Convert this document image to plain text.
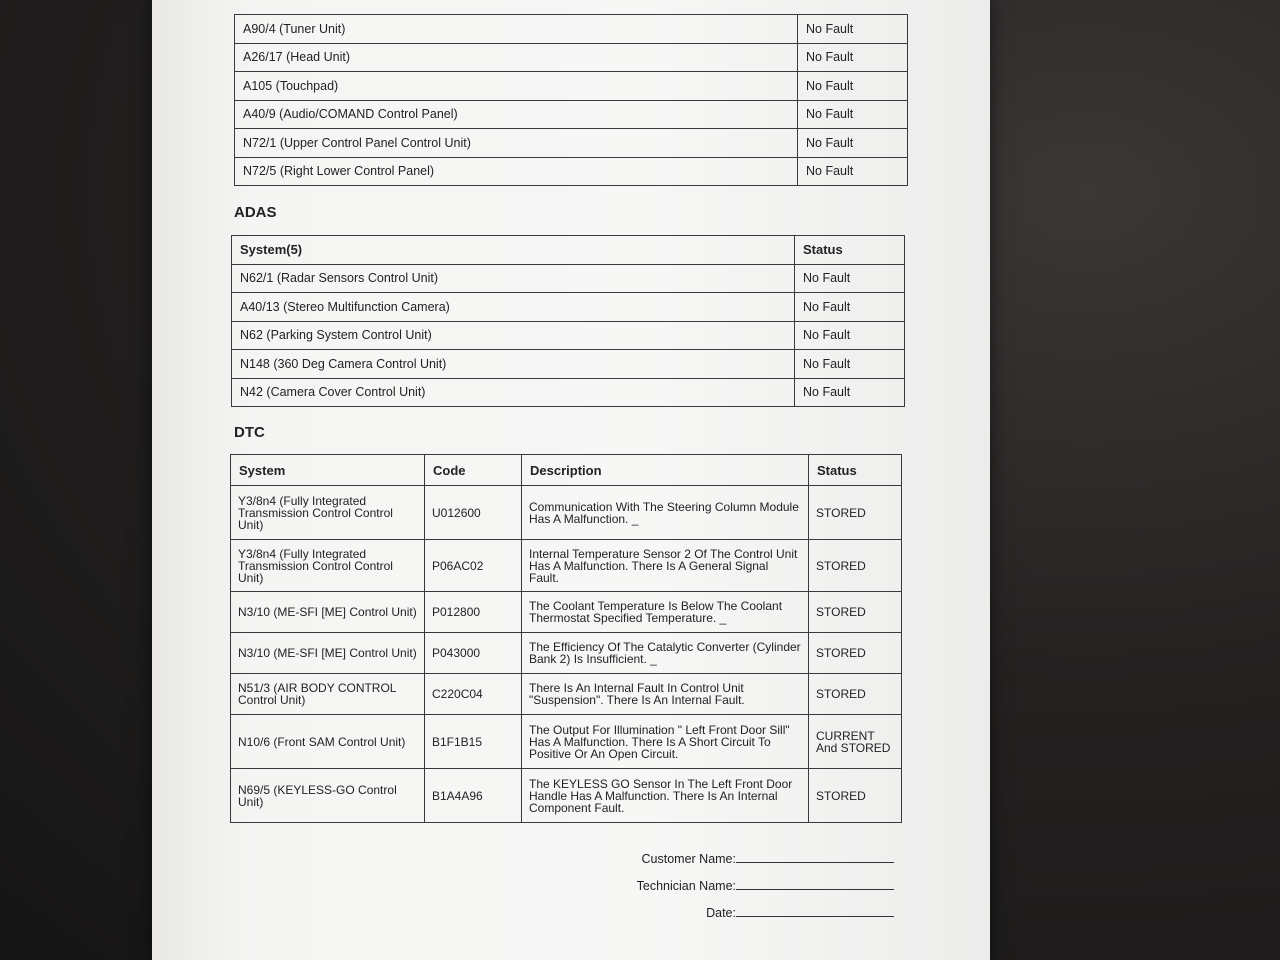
A90/4 (Tuner Unit)	No Fault
A26/17 (Head Unit)	No Fault
A105 (Touchpad)	No Fault
A40/9 (Audio/COMAND Control Panel)	No Fault
N72/1 (Upper Control Panel Control Unit)	No Fault
N72/5 (Right Lower Control Panel)	No Fault
ADAS
System(5)	Status
N62/1 (Radar Sensors Control Unit)	No Fault
A40/13 (Stereo Multifunction Camera)	No Fault
N62 (Parking System Control Unit)	No Fault
N148 (360 Deg Camera Control Unit)	No Fault
N42 (Camera Cover Control Unit)	No Fault
DTC
System	Code	Description	Status
Y3/8n4 (Fully Integrated Transmission Control Control Unit)	U012600	Communication With The Steering Column Module Has A Malfunction. _	STORED
Y3/8n4 (Fully Integrated Transmission Control Control Unit)	P06AC02	Internal Temperature Sensor 2 Of The Control Unit Has A Malfunction. There Is A General Signal Fault.	STORED
N3/10 (ME-SFI [ME] Control Unit)	P012800	The Coolant Temperature Is Below The Coolant Thermostat Specified Temperature. _	STORED
N3/10 (ME-SFI [ME] Control Unit)	P043000	The Efficiency Of The Catalytic Converter (Cylinder Bank 2) Is Insufficient. _	STORED
N51/3 (AIR BODY CONTROL Control Unit)	C220C04	There Is An Internal Fault In Control Unit "Suspension". There Is An Internal Fault.	STORED
N10/6 (Front SAM Control Unit)	B1F1B15	The Output For Illumination " Left Front Door Sill" Has A Malfunction. There Is A Short Circuit To Positive Or An Open Circuit.	CURRENT And STORED
N69/5 (KEYLESS-GO Control Unit)	B1A4A96	The KEYLESS GO Sensor In The Left Front Door Handle Has A Malfunction. There Is An Internal Component Fault.	STORED
Customer Name:
Technician Name:
Date:
